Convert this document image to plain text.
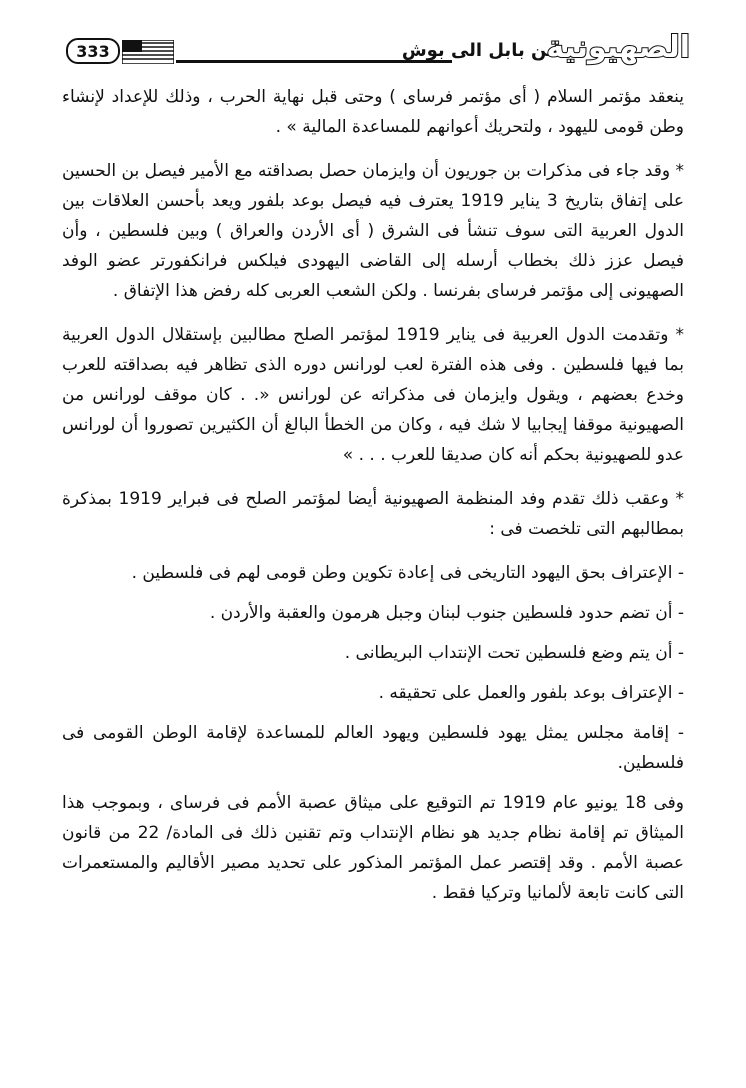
333	..من بابل الى بوش
الصهيونية

ينعقد مؤتمر السلام ( أى مؤتمر فرساى ) وحتى قبل نهاية الحرب ، وذلك للإعداد لإنشاء وطن قومى لليهود ، ولتحريك أعوانهم للمساعدة المالية » .

* وقد جاء فى مذكرات بن جوريون أن وايزمان حصل بصداقته مع الأمير فيصل بن الحسين على إتفاق بتاريخ 3 يناير 1919 يعترف فيه فيصل بوعد بلفور ويعد بأحسن العلاقات بين الدول العربية التى سوف تنشأ فى الشرق ( أى الأردن والعراق ) وبين فلسطين ، وأن فيصل عزز ذلك بخطاب أرسله إلى القاضى اليهودى فيلكس فرانكفورتر عضو الوفد الصهيونى إلى مؤتمر فرساى بفرنسا . ولكن الشعب العربى كله رفض هذا الإتفاق .

* وتقدمت الدول العربية فى يناير 1919 لمؤتمر الصلح مطالبين بإستقلال الدول العربية بما فيها فلسطين . وفى هذه الفترة لعب لورانس دوره الذى تظاهر فيه بصداقته للعرب وخدع بعضهم ، ويقول وايزمان فى مذكراته عن لورانس «. . كان موقف لورانس من الصهيونية موقفا إيجابيا لا شك فيه ، وكان من الخطأ البالغ أن الكثيرين تصوروا أن لورانس عدو للصهيونية بحكم أنه كان صديقا للعرب . . . »

* وعقب ذلك تقدم وفد المنظمة الصهيونية أيضا لمؤتمر الصلح فى فبراير 1919 بمذكرة بمطالبهم التى تلخصت فى :

- الإعتراف بحق اليهود التاريخى فى إعادة تكوين وطن قومى لهم فى فلسطين .

- أن تضم حدود فلسطين جنوب لبنان وجبل هرمون والعقبة والأردن .

- أن يتم وضع فلسطين تحت الإنتداب البريطانى .

- الإعتراف بوعد بلفور والعمل على تحقيقه .

- إقامة مجلس يمثل يهود فلسطين ويهود العالم للمساعدة لإقامة الوطن القومى فى فلسطين.

وفى 18 يونيو عام 1919 تم التوقيع على ميثاق عصبة الأمم فى فرساى ، وبموجب هذا الميثاق تم إقامة نظام جديد هو نظام الإنتداب وتم تقنين ذلك فى المادة/ 22 من قانون عصبة الأمم . وقد إقتصر عمل المؤتمر المذكور على تحديد مصير الأقاليم والمستعمرات التى كانت تابعة لألمانيا وتركيا فقط .
